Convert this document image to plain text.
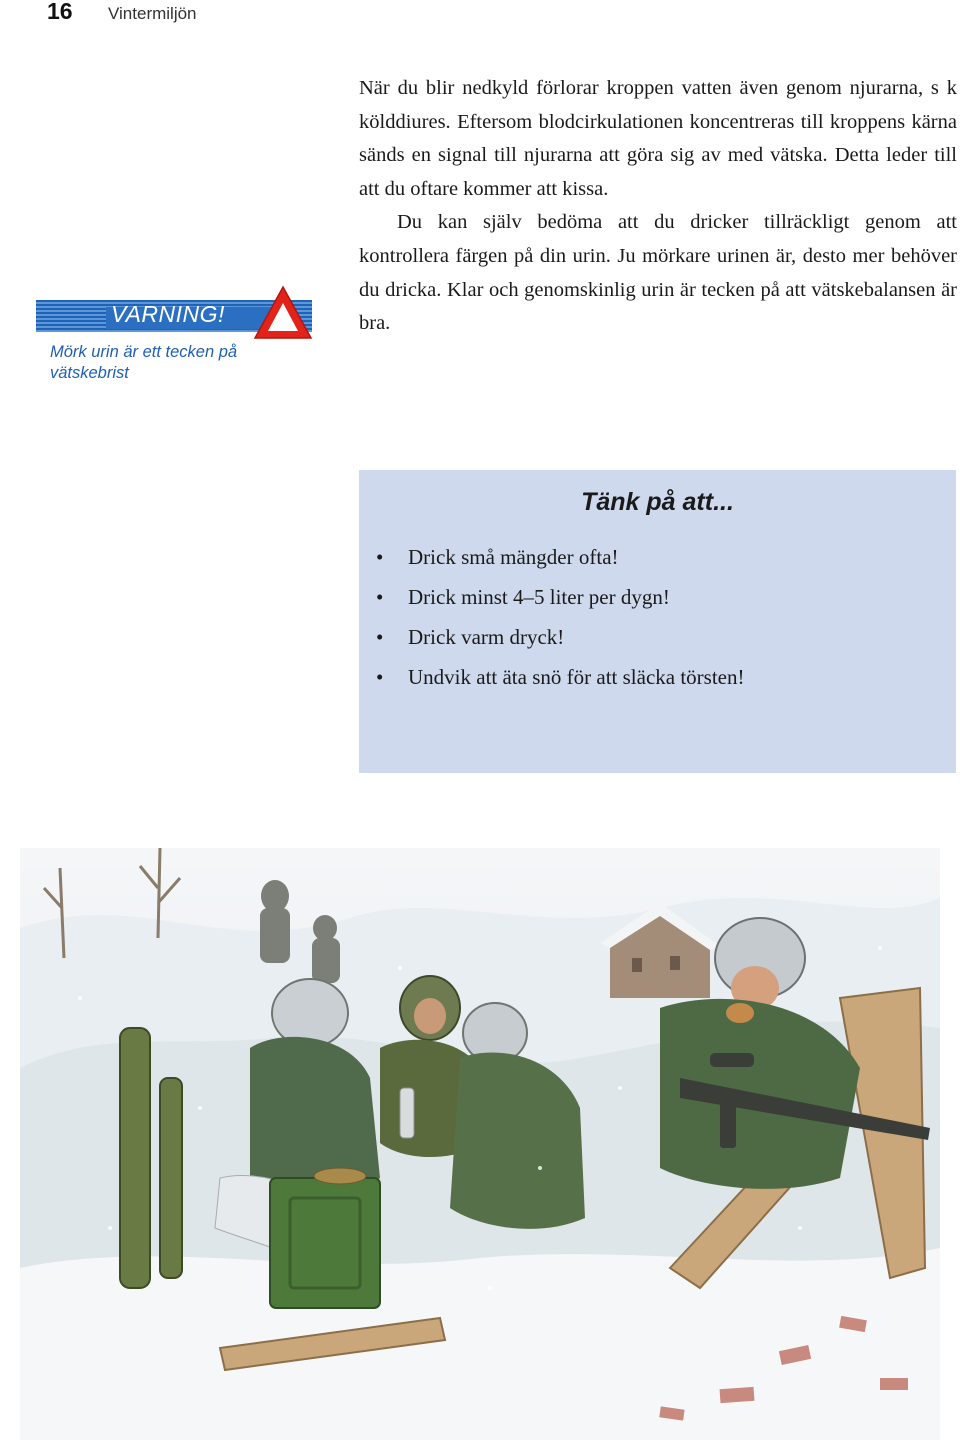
16 Vintermiljön

När du blir nedkyld förlorar kroppen vatten även genom njurarna, s k kölddiures. Eftersom blodcirkulationen koncentreras till kroppens kärna sänds en signal till njurarna att göra sig av med vätska. Detta leder till att du oftare kommer att kissa.

Du kan själv bedöma att du dricker tillräckligt genom att kontrollera färgen på din urin. Ju mörkare urinen är, desto mer behöver du dricka. Klar och genomskinlig urin är tecken på att vätskebalansen är bra.

VARNING!
Mörk urin är ett tecken på vätskebrist
Tänk på att...
• Drick små mängder ofta!
• Drick minst 4–5 liter per dygn!
• Drick varm dryck!
• Undvik att äta snö för att släcka törsten!
